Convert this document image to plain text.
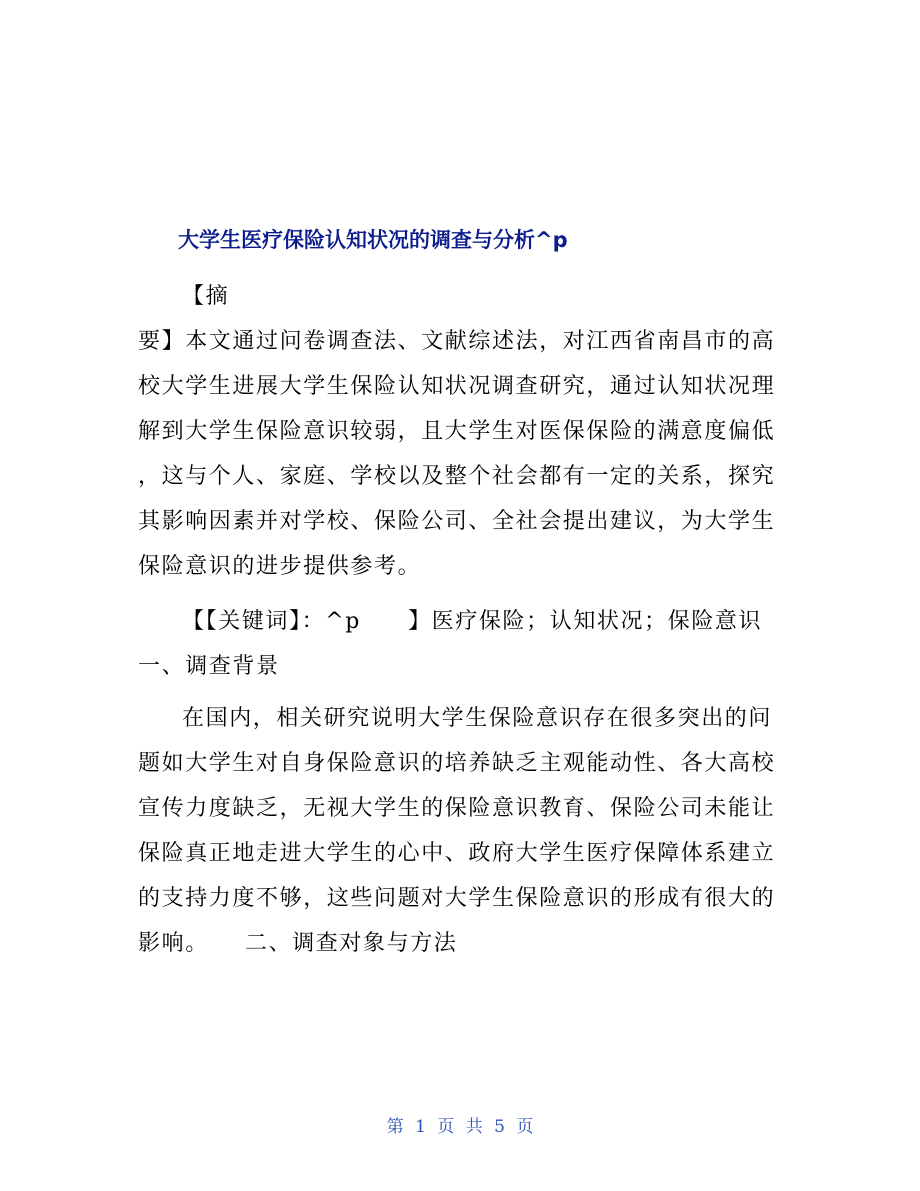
大学生医疗保险认知状况的调查与分析^p	-
大学生医疗保险认知状况的调查与分析^p
【摘
要】本文通过问卷调查法、文献综述法，对江西省南昌市的高
校大学生进展大学生保险认知状况调查研究，通过认知状况理
解到大学生保险意识较弱，且大学生对医保保险的满意度偏低
，这与个人、家庭、学校以及整个社会都有一定的关系，探究
其影响因素并对学校、保险公司、全社会提出建议，为大学生
保险意识的进步提供参考。
【【关键词】：^p　　】医疗保险；认知状况；保险意识
一、调查背景
在国内，相关研究说明大学生保险意识存在很多突出的问
题如大学生对自身保险意识的培养缺乏主观能动性、各大高校
宣传力度缺乏，无视大学生的保险意识教育、保险公司未能让
保险真正地走进大学生的心中、政府大学生医疗保障体系建立
的支持力度不够，这些问题对大学生保险意识的形成有很大的
影响。　　二、调查对象与方法
第 1 页 共 5 页
